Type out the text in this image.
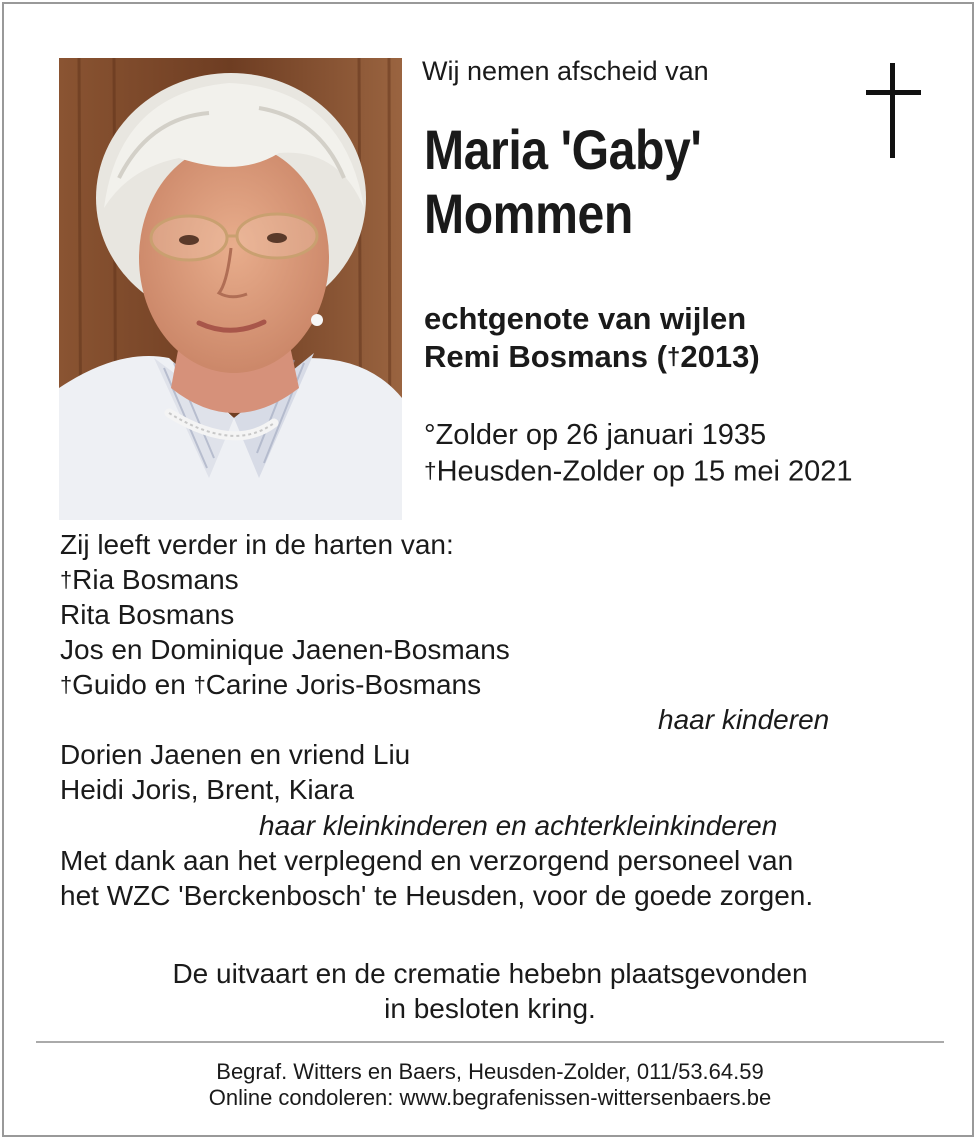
Wij nemen afscheid van
Maria 'Gaby'
Mommen
echtgenote van wijlen
Remi Bosmans (†2013)
°Zolder op 26 januari 1935
†Heusden-Zolder op 15 mei 2021
Zij leeft verder in de harten van:
†Ria Bosmans
Rita Bosmans
Jos en Dominique Jaenen-Bosmans
†Guido en †Carine Joris-Bosmans
haar kinderen
Dorien Jaenen en vriend Liu
Heidi Joris, Brent, Kiara
haar kleinkinderen en achterkleinkinderen
Met dank aan het verplegend en verzorgend personeel van
het WZC 'Berckenbosch' te Heusden, voor de goede zorgen.
De uitvaart en de crematie hebebn plaatsgevonden
in besloten kring.
Begraf. Witters en Baers, Heusden-Zolder, 011/53.64.59
Online condoleren: www.begrafenissen-wittersenbaers.be
